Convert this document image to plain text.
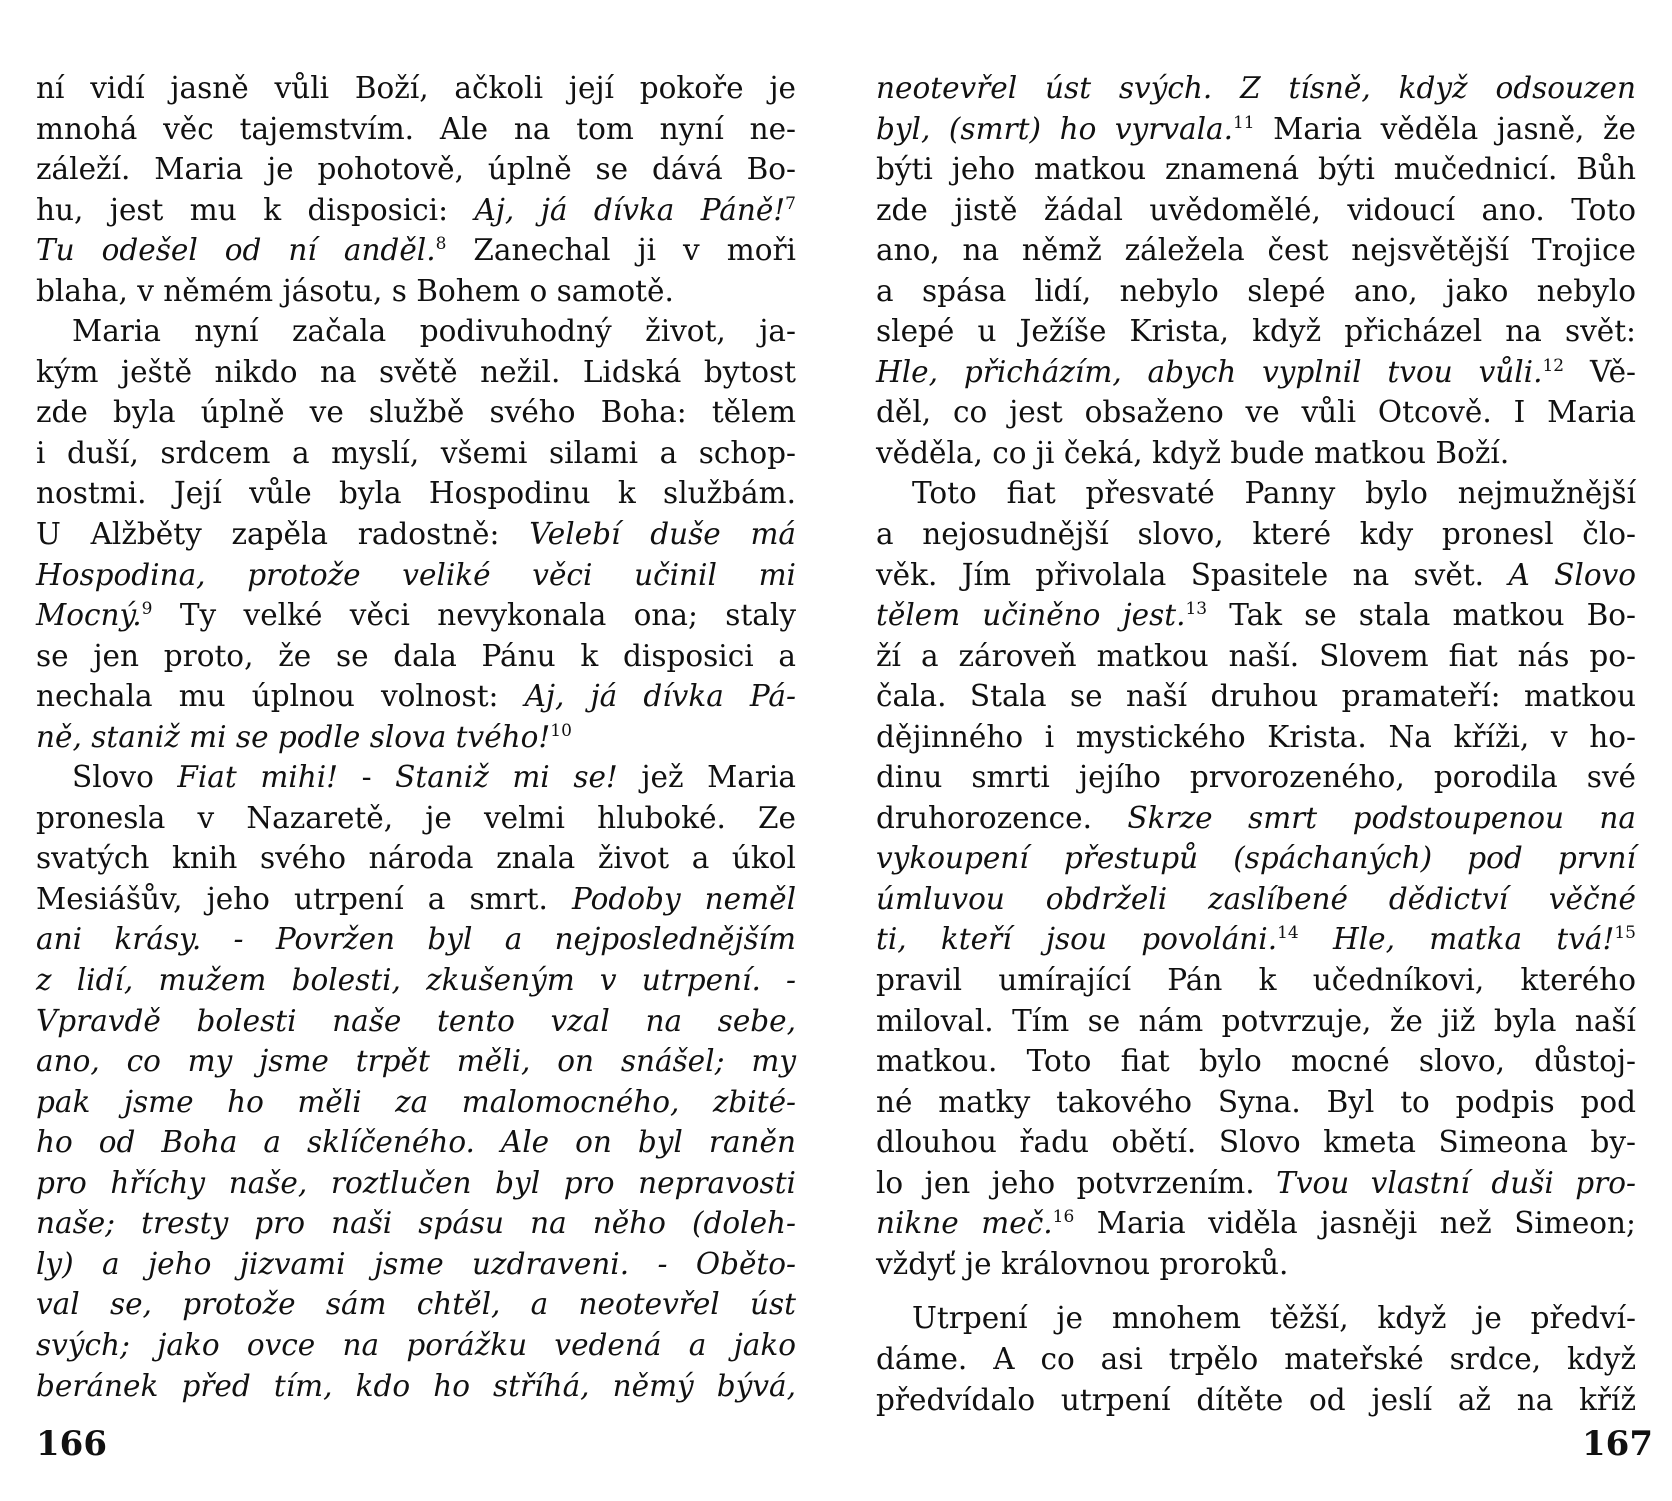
ní vidí jasně vůli Boží, ačkoli její pokoře je
mnohá věc tajemstvím. Ale na tom nyní ne-
záleží. Maria je pohotově, úplně se dává Bo-
hu, jest mu k disposici: Aj, já dívka Páně!$^7$
Tu odešel od ní anděl.$^8$ Zanechal ji v moři
blaha, v němém jásotu, s Bohem o samotě.
Maria nyní začala podivuhodný život, ja-
kým ještě nikdo na světě nežil. Lidská bytost
zde byla úplně ve službě svého Boha: tělem
i duší, srdcem a myslí, všemi silami a schop-
nostmi. Její vůle byla Hospodinu k službám.
U Alžběty zapěla radostně: Velebí duše má
Hospodina, protože veliké věci učinil mi
Mocný.$^9$ Ty velké věci nevykonala ona; staly
se jen proto, že se dala Pánu k disposici a
nechala mu úplnou volnost: Aj, já dívka Pá-
ně, staniž mi se podle slova tvého!$^{10}$
Slovo Fiat mihi! - Staniž mi se! jež Maria
pronesla v Nazaretě, je velmi hluboké. Ze
svatých knih svého národa znala život a úkol
Mesiášův, jeho utrpení a smrt. Podoby neměl
ani krásy. - Povržen byl a nejposlednějším
z lidí, mužem bolesti, zkušeným v utrpení. -
Vpravdě bolesti naše tento vzal na sebe,
ano, co my jsme trpět měli, on snášel; my
pak jsme ho měli za malomocného, zbité-
ho od Boha a sklíčeného. Ale on byl raněn
pro hříchy naše, roztlučen byl pro nepravosti
naše; tresty pro naši spásu na něho (doleh-
ly) a jeho jizvami jsme uzdraveni. - Oběto-
val se, protože sám chtěl, a neotevřel úst
svých; jako ovce na porážku vedená a jako
beránek před tím, kdo ho stříhá, němý bývá,
neotevřel úst svých. Z tísně, když odsouzen
byl, (smrt) ho vyrvala.$^{11}$ Maria věděla jasně, že
býti jeho matkou znamená býti mučednicí. Bůh
zde jistě žádal uvědomělé, vidoucí ano. Toto
ano, na němž záležela čest nejsvětější Trojice
a spása lidí, nebylo slepé ano, jako nebylo
slepé u Ježíše Krista, když přicházel na svět:
Hle, přicházím, abych vyplnil tvou vůli.$^{12}$ Vě-
děl, co jest obsaženo ve vůli Otcově. I Maria
věděla, co ji čeká, když bude matkou Boží.
Toto fiat přesvaté Panny bylo nejmužnější
a nejosudnější slovo, které kdy pronesl člo-
věk. Jím přivolala Spasitele na svět. A Slovo
tělem učiněno jest.$^{13}$ Tak se stala matkou Bo-
ží a zároveň matkou naší. Slovem fiat nás po-
čala. Stala se naší druhou pramateří: matkou
dějinného i mystického Krista. Na kříži, v ho-
dinu smrti jejího prvorozeného, porodila své
druhorozence. Skrze smrt podstoupenou na
vykoupení přestupů (spáchaných) pod první
úmluvou obdrželi zaslíbené dědictví věčné
ti, kteří jsou povoláni.$^{14}$ Hle, matka tvá!$^{15}$
pravil umírající Pán k učedníkovi, kterého
miloval. Tím se nám potvrzuje, že již byla naší
matkou. Toto fiat bylo mocné slovo, důstoj-
né matky takového Syna. Byl to podpis pod
dlouhou řadu obětí. Slovo kmeta Simeona by-
lo jen jeho potvrzením. Tvou vlastní duši pro-
nikne meč.$^{16}$ Maria viděla jasněji než Simeon;
vždyť je královnou proroků.
Utrpení je mnohem těžší, když je předví-
dáme. A co asi trpělo mateřské srdce, když
předvídalo utrpení dítěte od jeslí až na kříž
166	167
